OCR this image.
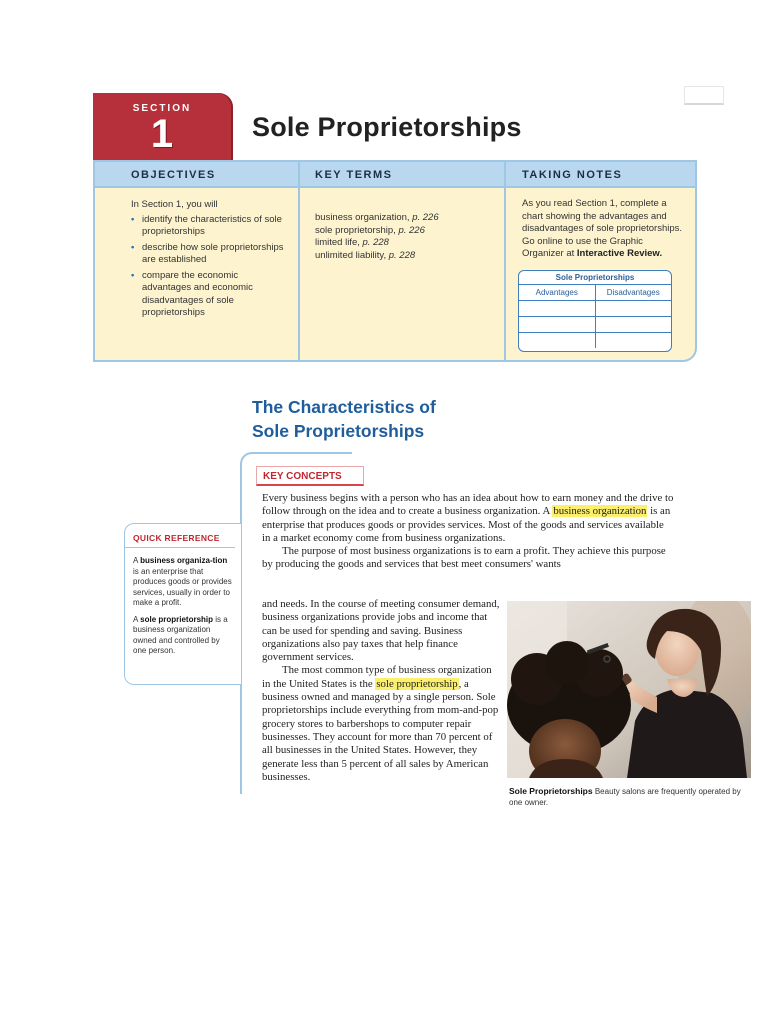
SECTION
1	Sole Proprietorships
OBJECTIVES
In Section 1, you will
• identify the characteristics of sole proprietorships
• describe how sole proprietorships are established
• compare the economic advantages and economic disadvantages of sole proprietorships
KEY TERMS
business organization, p. 226
sole proprietorship, p. 226
limited life, p. 228
unlimited liability, p. 228
TAKING NOTES
As you read Section 1, complete a chart showing the advantages and disadvantages of sole proprietorships. Go online to use the Graphic Organizer at Interactive Review.
Sole Proprietorships
Advantages	Disadvantages
The Characteristics of
Sole Proprietorships
KEY CONCEPTS

Every business begins with a person who has an idea about how to earn money and the drive to follow through on the idea and to create a business organization. A business organization is an enterprise that produces goods or provides services. Most of the goods and services available in a market economy come from business organizations.

The purpose of most business organizations is to earn a profit. They achieve this purpose by producing the goods and services that best meet consumers' wants

and needs. In the course of meeting consumer demand, business organizations provide jobs and income that can be used for spending and saving. Business organizations also pay taxes that help finance government services.

The most common type of business organization in the United States is the sole proprietorship, a business owned and managed by a single person. Sole proprietorships include everything from mom-and-pop grocery stores to barbershops to computer repair businesses. They account for more than 70 percent of all businesses in the United States. However, they generate less than 5 percent of all sales by American businesses.

QUICK REFERENCE
A business organiza-tion is an enterprise that produces goods or provides services, usually in order to make a profit.
A sole proprietorship is a business organization owned and controlled by one person.
Sole Proprietorships Beauty salons are frequently operated by one owner.
